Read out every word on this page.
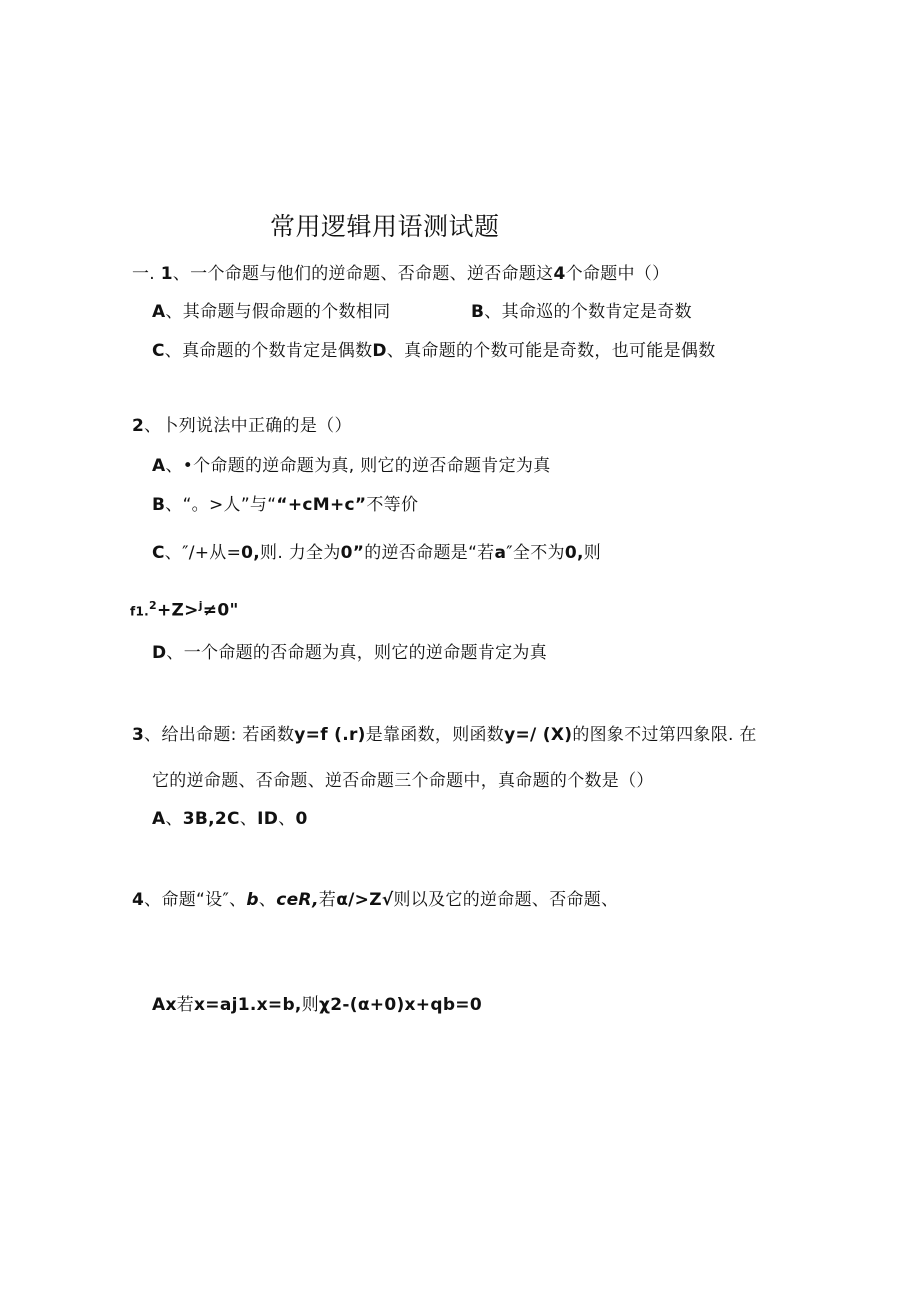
常用逻辑用语测试题
一. 1、一个命题与他们的逆命题、否命题、逆否命题这4个命题中（）
A、其命题与假命题的个数相同	B、其命巡的个数肯定是奇数
C、真命题的个数肯定是偶数D、真命题的个数可能是奇数，也可能是偶数
2、卜列说法中正确的是（）
A、•个命题的逆命题为真, 则它的逆否命题肯定为真
B、“。>人”与““+cM+c”不等价
C、″/+从=0,则. 力全为0”的逆否命题是“若a″全不为0,则
f1.$^2$+Z>$^j$≠0"
D、一个命题的否命题为真，则它的逆命题肯定为真
3、给出命题: 若函数y=f (.r)是靠函数，则函数y=/ (X)的图象不过第四象限. 在
它的逆命题、否命题、逆否命题三个命题中，真命题的个数是（）
A、3B,2C、ID、0
4、命题“设″、b、ceR,若α/>Z√则以及它的逆命题、否命题、
Ax若x=aj1.x=b,则χ2-(α+0)x+qb=0
